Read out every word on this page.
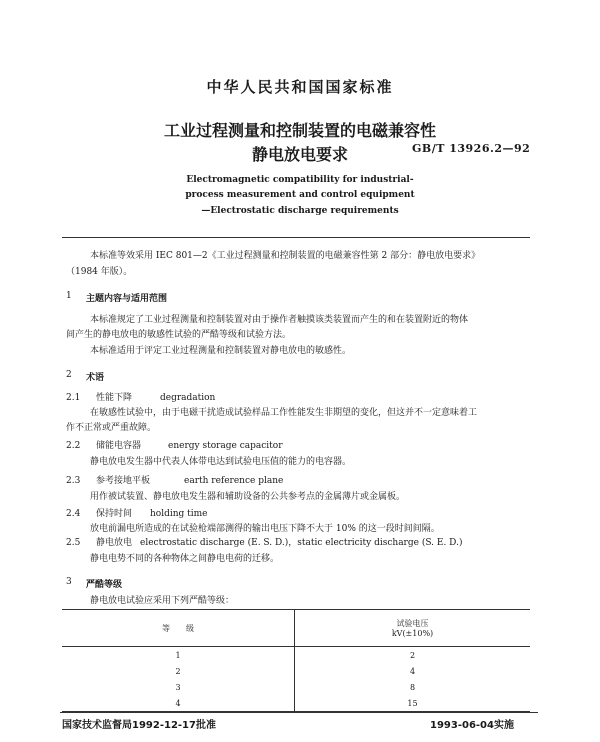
中华人民共和国国家标准
工业过程测量和控制装置的电磁兼容性
静电放电要求	GB/T 13926.2—92
Electromagnetic compatibility for industrial-
process measurement and control equipment
—Electrostatic discharge requirements
本标准等效采用 IEC 801—2《工业过程测量和控制装置的电磁兼容性第 2 部分：静电放电要求》
（1984 年版）。
1 主题内容与适用范围
本标准规定了工业过程测量和控制装置对由于操作者触摸该类装置而产生的和在装置附近的物体
间产生的静电放电的敏感性试验的严酷等级和试验方法。
本标准适用于评定工业过程测量和控制装置对静电放电的敏感性。
2 术语
2.1 性能下降	degradation
在敏感性试验中，由于电磁干扰造成试验样品工作性能发生非期望的变化，但这并不一定意味着工
作不正常或严重故障。
2.2 储能电容器	energy storage capacitor
静电放电发生器中代表人体带电达到试验电压值的能力的电容器。
2.3 参考接地平板	earth reference plane
用作被试装置、静电放电发生器和辅助设备的公共参考点的金属薄片或金属板。
2.4 保持时间 holding time
放电前漏电所造成的在试验枪端部测得的输出电压下降不大于 10% 的这一段时间间隔。
2.5 静电放电 electrostatic discharge (E. S. D.)，static electricity discharge (S. E. D.)
静电电势不同的各种物体之间静电电荷的迁移。
3 严酷等级
静电放电试验应采用下列严酷等级：
等　　级	试验电压
kV(±10%)

1	2
2	4
3	8
4	15
国家技术监督局1992-12-17批准	1993-06-04实施
